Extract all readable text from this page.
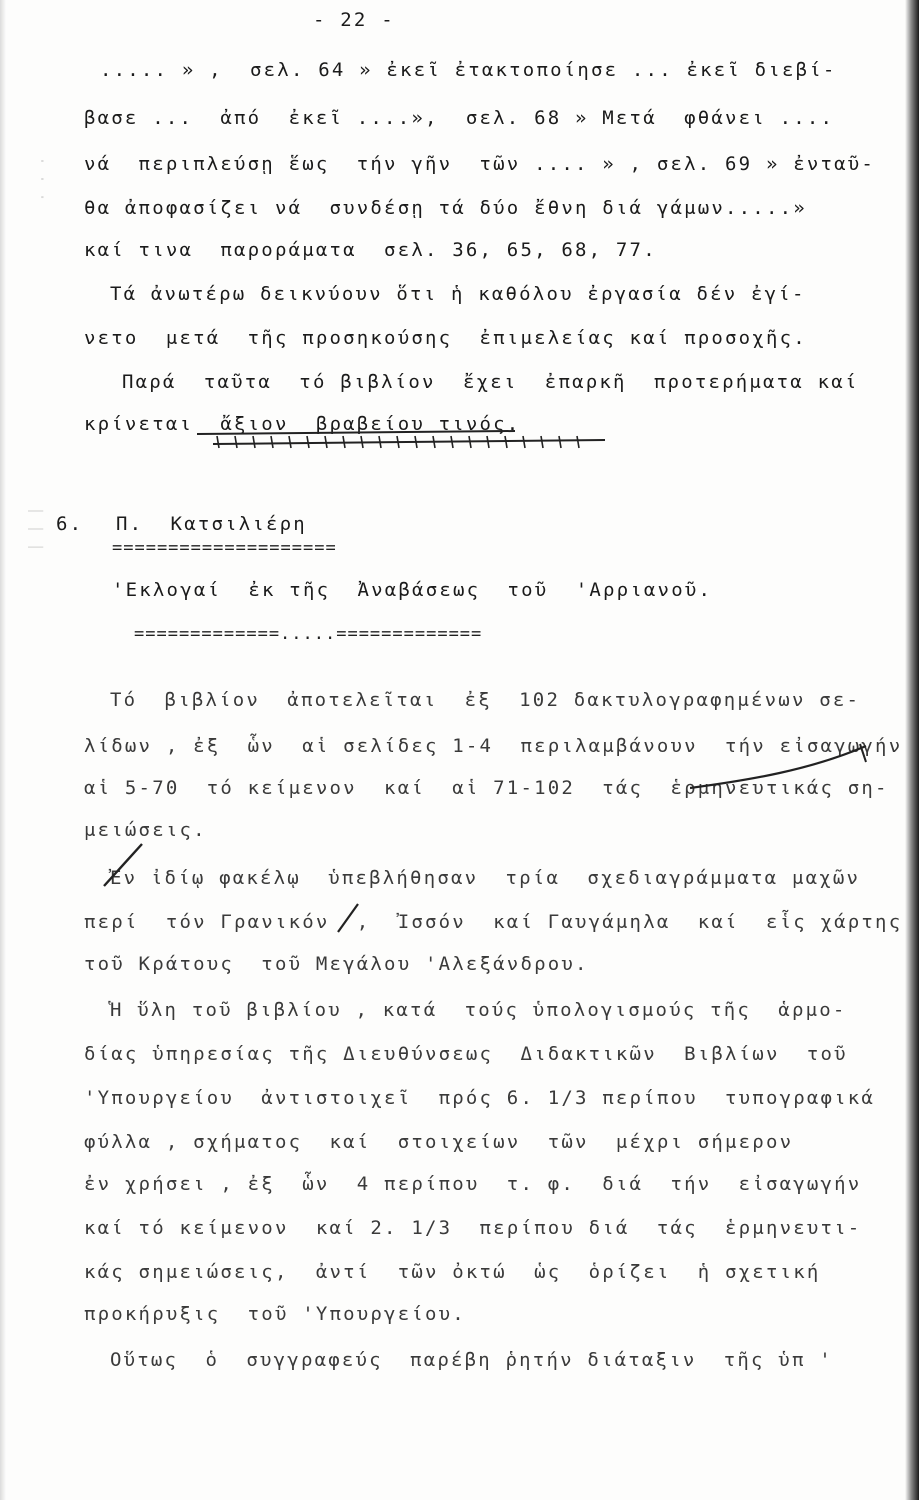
· · ·
| | |
- 22 -
..... » ,  σελ. 64 » ἐκεῖ ἐτακτοποίησε ... ἐκεῖ διεβί-
βασε ...  ἀπό  ἐκεῖ ....»,  σελ. 68 » Μετά  φθάνει ....
νά  περιπλεύσῃ ἕως  τήν γῆν  τῶν .... » , σελ. 69 » ἐνταῦ-
θα ἀποφασίζει νά  συνδέσῃ τά δύο ἔθνη διά γάμων.....»
καί τινα  παροράματα  σελ. 36, 65, 68, 77.
Τά ἀνωτέρω δεικνύουν ὅτι ἡ καθόλου ἐργασία δέν ἐγί-
νετο  μετά  τῆς προσηκούσης  ἐπιμελείας καί προσοχῆς.
Παρά  ταῦτα  τό βιβλίον  ἔχει  ἐπαρκῆ  προτερήματα καί
κρίνεται  ἄξιον  βραβείου τινός.
6. Π.  Κατσιλιέρη
====================
'Εκλογαί  ἐκ τῆς  Ἀναβάσεως  τοῦ  'Αρριανοῦ.
=============.....=============
Τό  βιβλίον  ἀποτελεῖται  ἐξ  102 δακτυλογραφημένων σε-
λίδων , ἐξ  ὧν  αἱ σελίδες 1-4  περιλαμβάνουν  τήν εἰσαγωγήν
αἱ 5-70  τό κείμενον  καί  αἱ 71-102  τάς  ἑρμηνευτικάς ση-
μειώσεις.
Ἐν ἰδίῳ φακέλῳ  ὑπεβλήθησαν  τρία  σχεδιαγράμματα μαχῶν
περί  τόν Γρανικόν  ,  Ἰσσόν  καί Γαυγάμηλα  καί  εἷς χάρτης
τοῦ Κράτους  τοῦ Μεγάλου 'Αλεξάνδρου.
Ἡ ὕλη τοῦ βιβλίου , κατά  τούς ὑπολογισμούς τῆς  ἁρμο-
δίας ὑπηρεσίας τῆς Διευθύνσεως  Διδακτικῶν  Βιβλίων  τοῦ
'Υπουργείου  ἀντιστοιχεῖ  πρός 6. 1/3 περίπου  τυπογραφικά
φύλλα , σχήματος  καί  στοιχείων  τῶν  μέχρι σήμερον
ἐν χρήσει , ἐξ  ὧν  4 περίπου  τ. φ.  διά  τήν  εἰσαγωγήν
καί τό κείμενον  καί 2. 1/3  περίπου διά  τάς  ἑρμηνευτι-
κάς σημειώσεις,  ἀντί  τῶν ὀκτώ  ὡς  ὁρίζει  ἡ σχετική
προκήρυξις  τοῦ 'Υπουργείου.
Οὕτως  ὁ  συγγραφεύς  παρέβη ῥητήν διάταξιν  τῆς ὑπ '
